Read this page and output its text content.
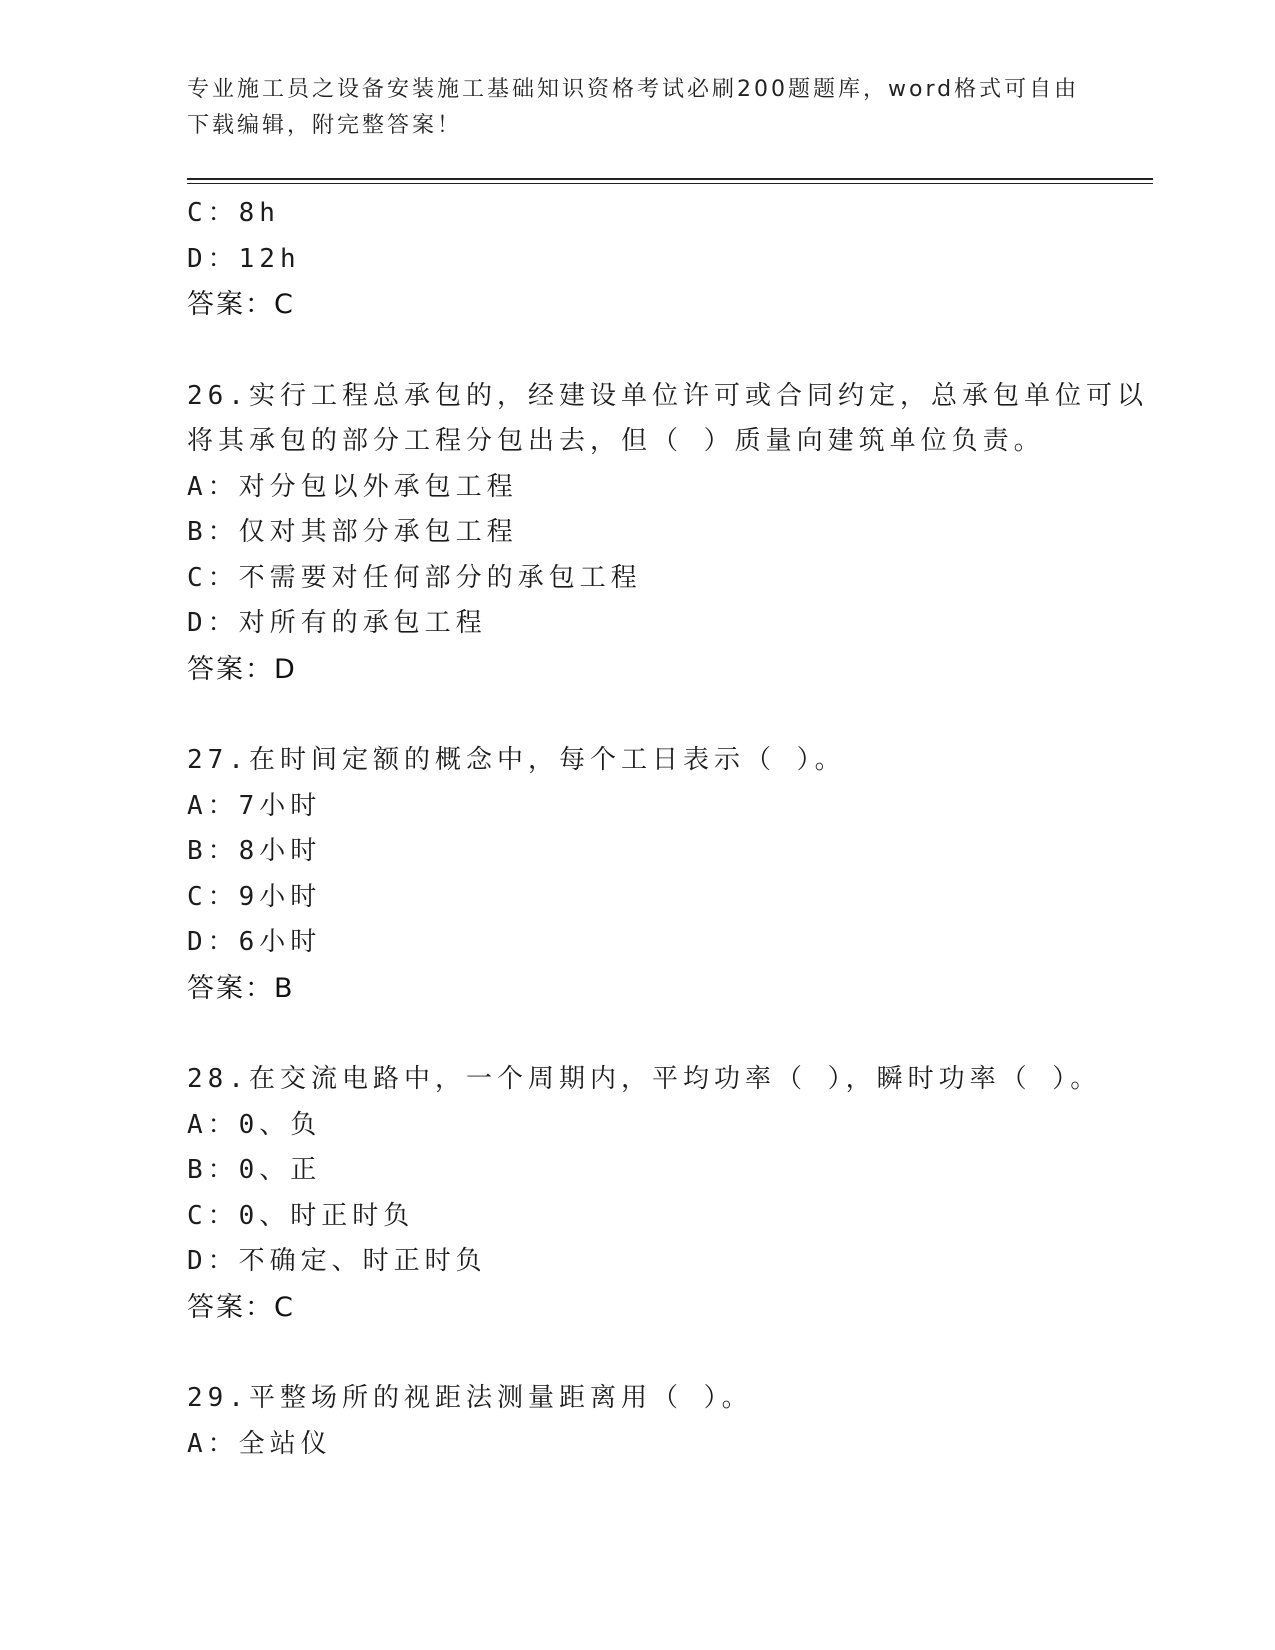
专业施工员之设备安装施工基础知识资格考试必刷200题题库，word格式可自由
下载编辑，附完整答案！
C：8h
D：12h
答案：C
26.实行工程总承包的，经建设单位许可或合同约定，总承包单位可以
将其承包的部分工程分包出去，但（ ）质量向建筑单位负责。
A：对分包以外承包工程
B：仅对其部分承包工程
C：不需要对任何部分的承包工程
D：对所有的承包工程
答案：D
27.在时间定额的概念中，每个工日表示（ ）。
A：7小时
B：8小时
C：9小时
D：6小时
答案：B
28.在交流电路中，一个周期内，平均功率（ ），瞬时功率（ ）。
A：0、负
B：0、正
C：0、时正时负
D：不确定、时正时负
答案：C
29.平整场所的视距法测量距离用（ ）。
A：全站仪
